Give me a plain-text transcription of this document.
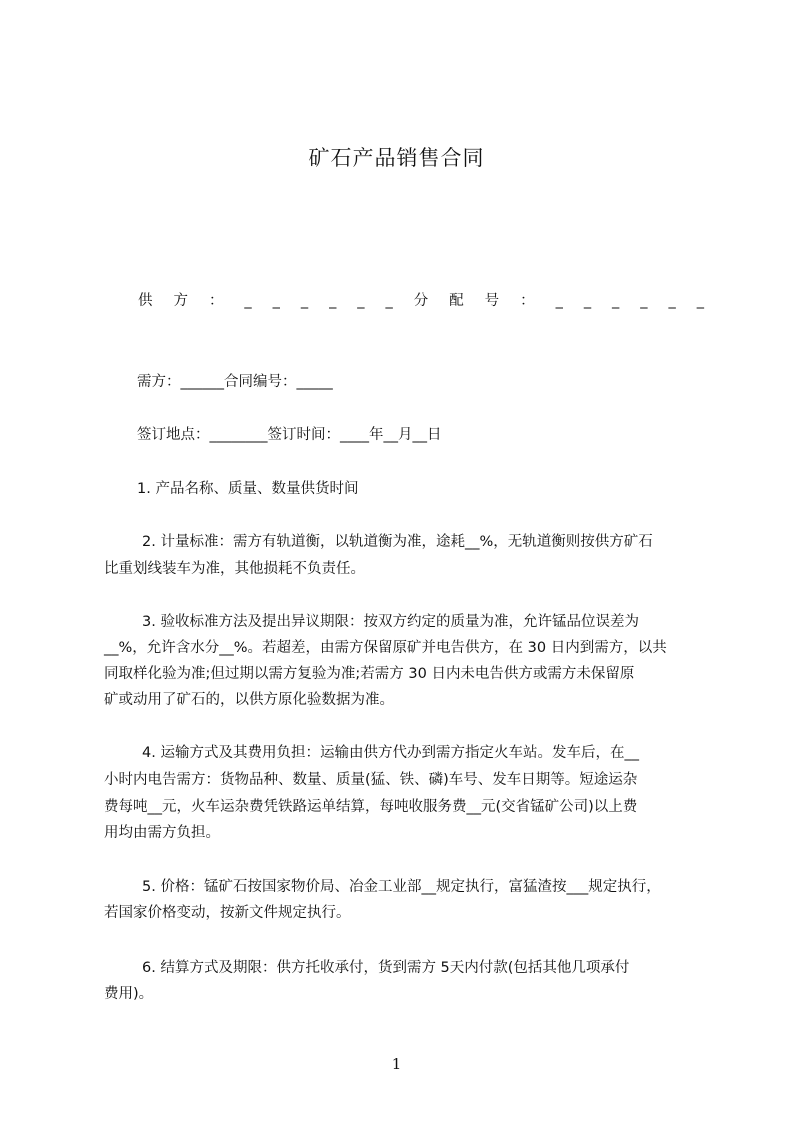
矿石产品销售合同
供 方 ： _ _ _ _ _ _ 分 配 号 ： _ _ _ _ _ _
需方：______合同编号：_____
签订地点：________签订时间：____年__月__日
1. 产品名称、质量、数量供货时间
2. 计量标准：需方有轨道衡，以轨道衡为准，途耗__%，无轨道衡则按供方矿石
比重划线装车为准，其他损耗不负责任。
3. 验收标准方法及提出异议期限：按双方约定的质量为准，允许锰品位误差为
__%，允许含水分__%。若超差，由需方保留原矿并电告供方，在 30 日内到需方，以共
同取样化验为准;但过期以需方复验为准;若需方 30 日内未电告供方或需方未保留原
矿或动用了矿石的，以供方原化验数据为准。
4. 运输方式及其费用负担：运输由供方代办到需方指定火车站。发车后，在__
小时内电告需方：货物品种、数量、质量(猛、铁、磷)车号、发车日期等。短途运杂
费每吨__元，火车运杂费凭铁路运单结算，每吨收服务费__元(交省锰矿公司)以上费
用均由需方负担。
5. 价格：锰矿石按国家物价局、冶金工业部__规定执行，富猛渣按___规定执行，
若国家价格变动，按新文件规定执行。
6. 结算方式及期限：供方托收承付，货到需方 5天内付款(包括其他几项承付
费用)。
1
